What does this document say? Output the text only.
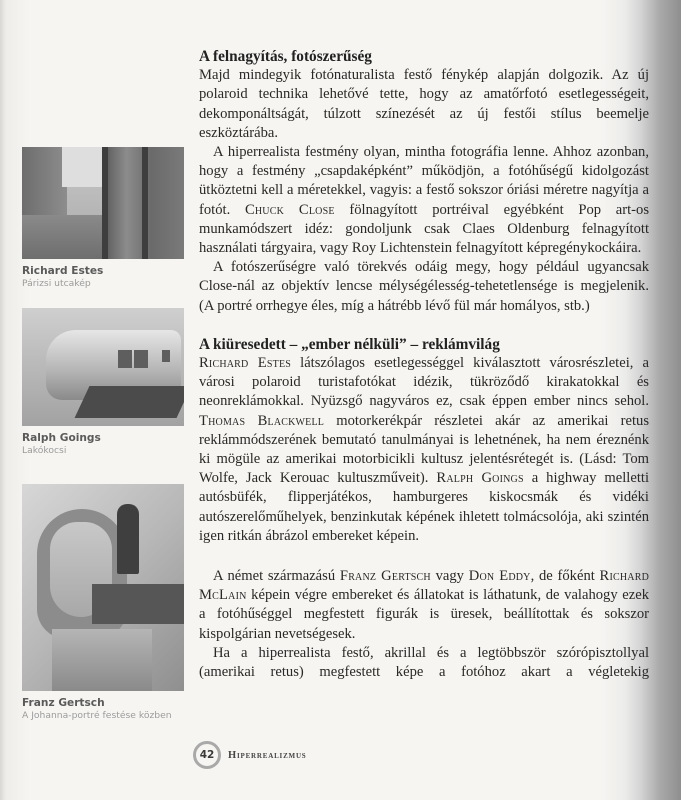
Richard Estes
Párizsi utcakép
Ralph Goings
Lakókocsi
Franz Gertsch
A Johanna-portré festése közben
A felnagyítás, fotószerűség

Majd mindegyik fotónaturalista festő fénykép alapján dolgozik. Az új polaroid technika lehetővé tette, hogy az amatőrfotó esetlegességeit, dekomponáltságát, túlzott színezését az új festői stílus beemelje eszköztárába.

A hiperrealista festmény olyan, mintha fotográfia lenne. Ahhoz azonban, hogy a festmény „csapdaképként” működjön, a fotóhűségű kidolgozást ütköztetni kell a méretekkel, vagyis: a festő sokszor óriási méretre nagyítja a fotót. Chuck Close fölnagyított portréival egyébként Pop art-os munkamódszert idéz: gondoljunk csak Claes Oldenburg felnagyított használati tárgyaira, vagy Roy Lichtenstein felnagyított képregénykockáira.

A fotószerűségre való törekvés odáig megy, hogy például ugyancsak Close-nál az objektív lencse mélységélesség-tehetetlensége is megjelenik. (A portré orrhegye éles, míg a hátrébb lévő fül már homályos, stb.)

A kiüresedett – „ember nélküli” – reklámvilág

Richard Estes látszólagos esetlegességgel kiválasztott városrészletei, a városi polaroid turistafotókat idézik, tükröződő kirakatokkal és neonreklámokkal. Nyüzsgő nagyváros ez, csak éppen ember nincs sehol. Thomas Blackwell motorkerékpár részletei akár az amerikai retus reklámmódszerének bemutató tanulmányai is lehetnének, ha nem éreznénk ki mögüle az amerikai motorbicikli kultusz jelentésrétegét is. (Lásd: Tom Wolfe, Jack Kerouac kultuszműveit). Ralph Goings a highway melletti autósbüfék, flipperjátékos, hamburgeres kiskocsmák és vidéki autószerelőműhelyek, benzinkutak képének ihletett tolmácsolója, aki szintén igen ritkán ábrázol embereket képein.

A német származású Franz Gertsch vagy Don Eddy, de főként Richard McLain képein végre embereket és állatokat is láthatunk, de valahogy ezek a fotóhűséggel megfestett figurák is üresek, beállítottak és sokszor kispolgárian nevetségesek.

Ha a hiperrealista festő, akrillal és a legtöbbször szórópisztollyal (amerikai retus) megfestett képe a fotóhoz akart a végletekig

42	Hiperrealizmus
